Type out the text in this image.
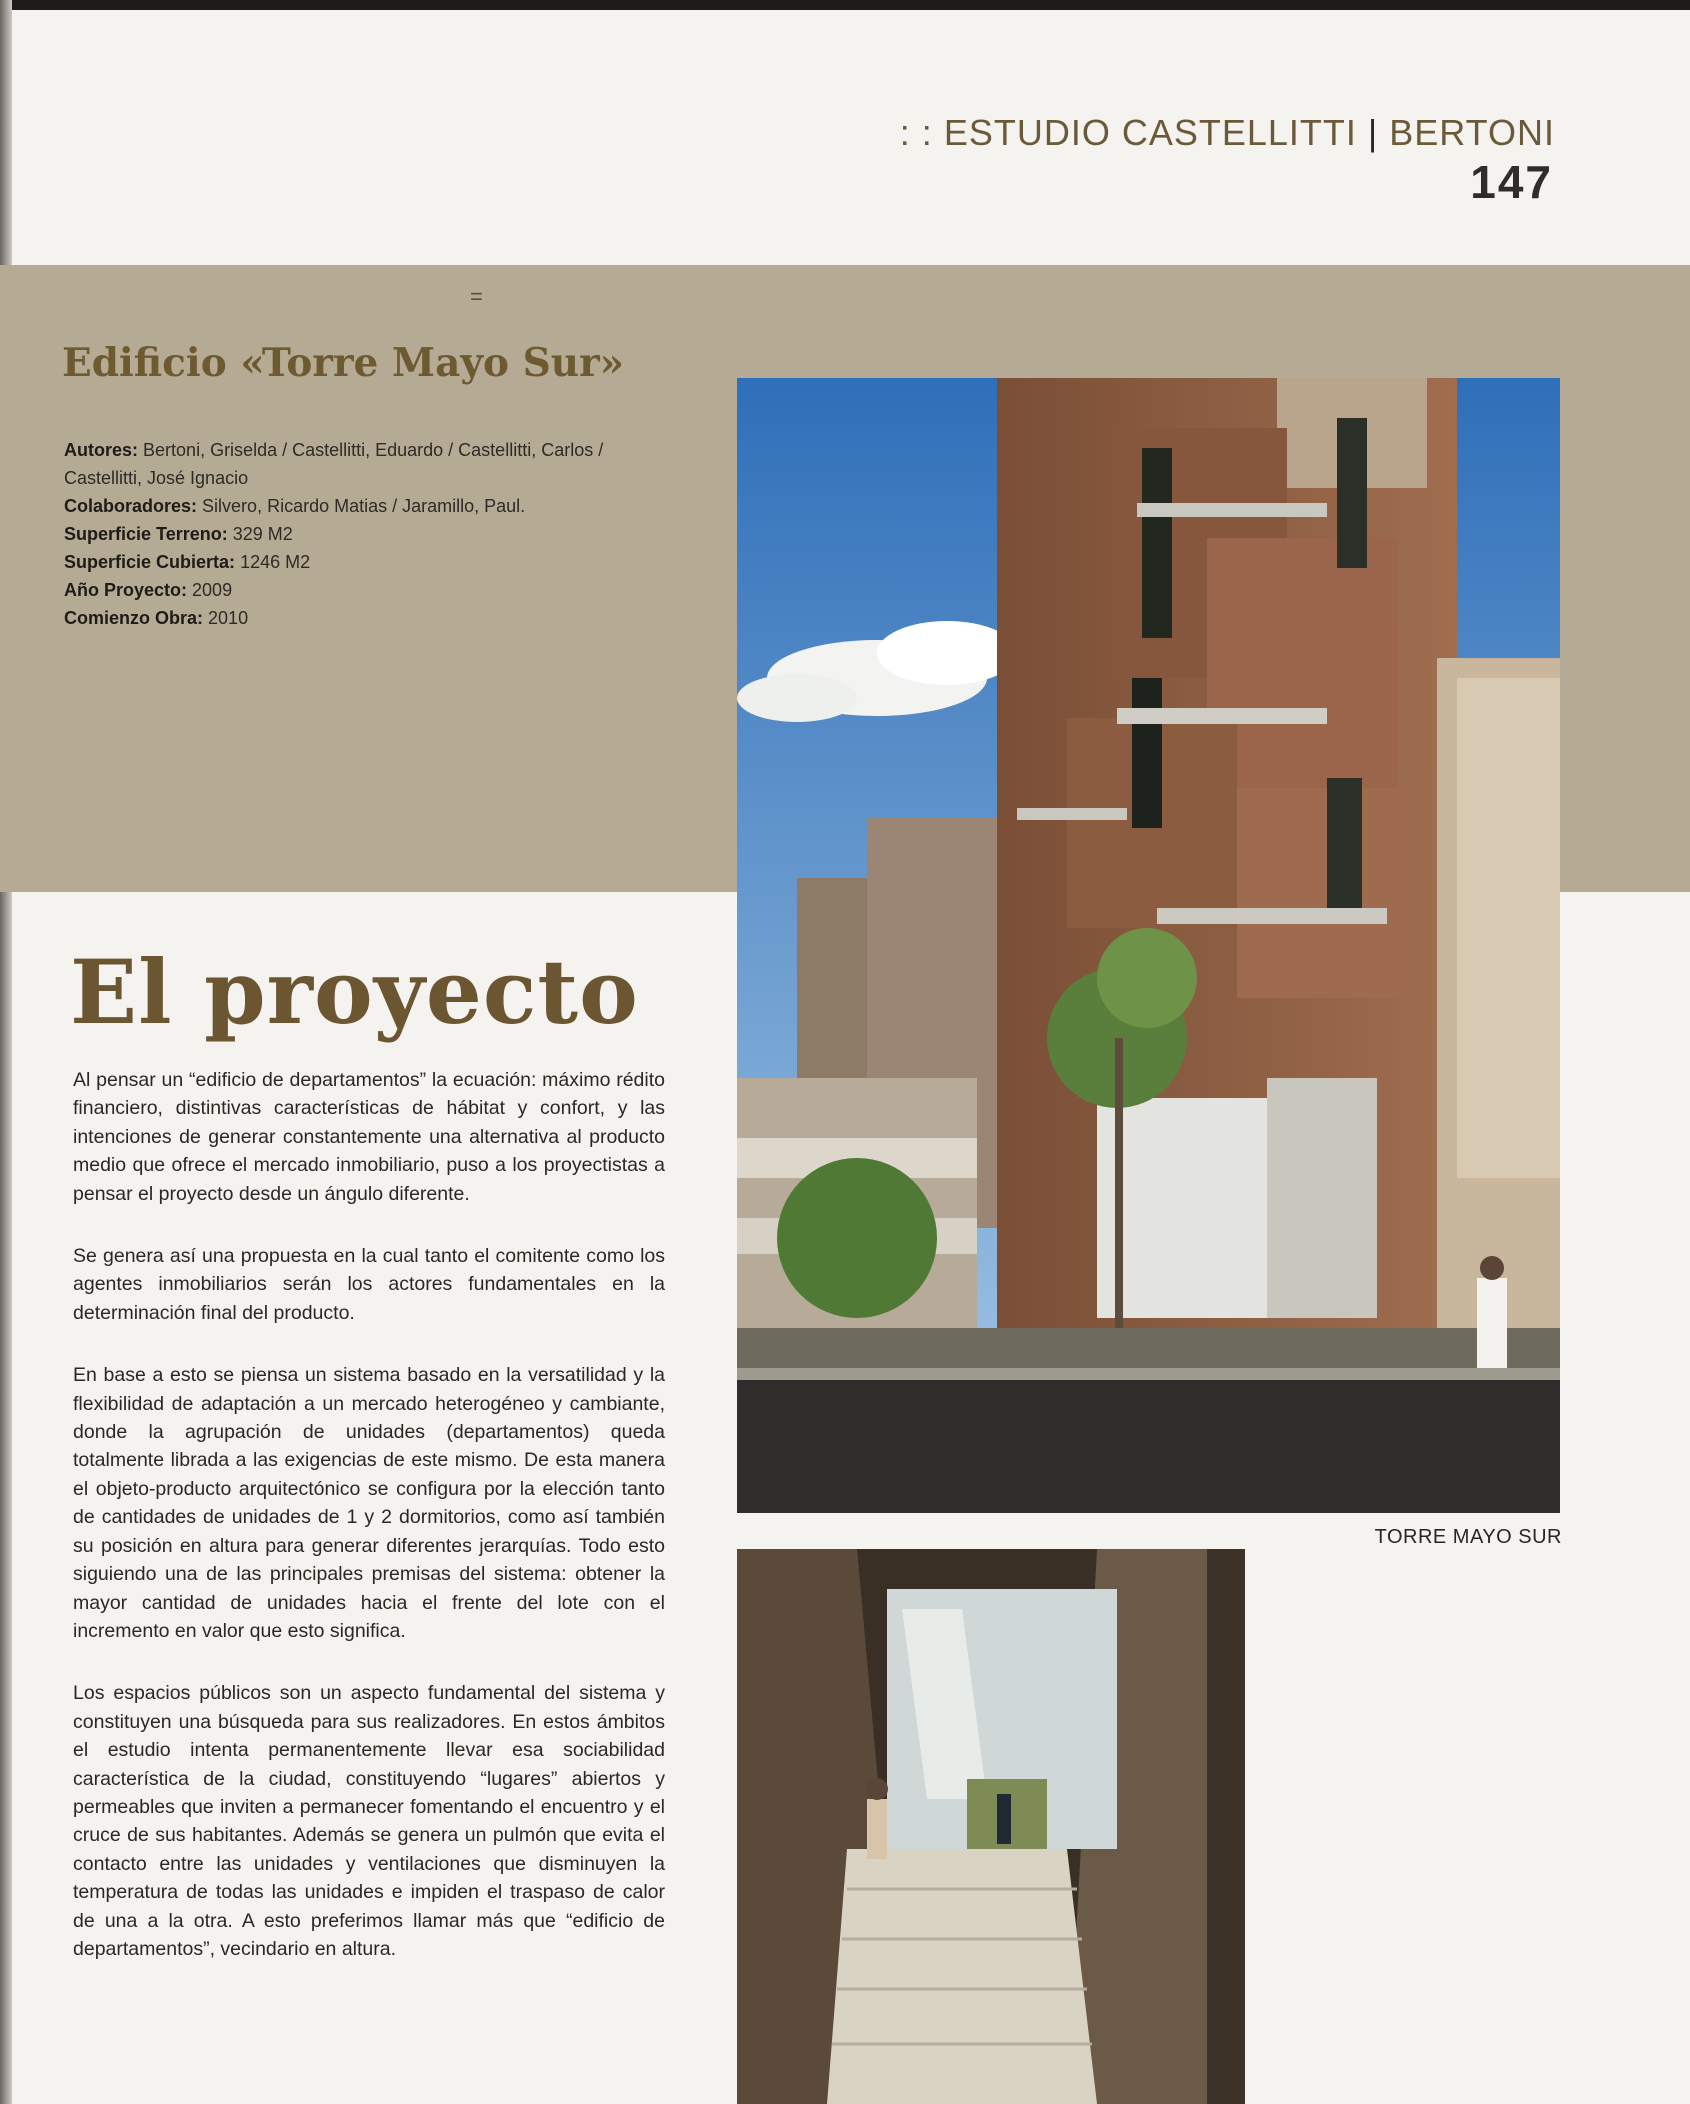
: : ESTUDIO CASTELLITTI | BERTONI
147
=
Edificio «Torre Mayo Sur»
Autores: Bertoni, Griselda / Castellitti, Eduardo / Castellitti, Carlos / Castellitti, José Ignacio
Colaboradores: Silvero, Ricardo Matias / Jaramillo, Paul.
Superficie Terreno: 329 M2
Superficie Cubierta: 1246 M2
Año Proyecto: 2009
Comienzo Obra: 2010
TORRE MAYO SUR
El proyecto

Al pensar un “edificio de departamentos” la ecuación: máximo rédito financiero, distintivas características de hábitat y confort, y las intenciones de generar constantemente una alternativa al producto medio que ofrece el mercado inmobiliario, puso a los proyectistas a pensar el proyecto desde un ángulo diferente.

Se genera así una propuesta en la cual tanto el comitente como los agentes inmobiliarios serán los actores fundamentales en la determinación final del producto.

En base a esto se piensa un sistema basado en la versatilidad y la flexibilidad de adaptación a un mercado heterogéneo y cambiante, donde la agrupación de unidades (departamentos) queda totalmente librada a las exigencias de este mismo. De esta manera el objeto-producto arquitectónico se configura por la elección tanto de cantidades de unidades de 1 y 2 dormitorios, como así también su posición en altura para generar diferentes jerarquías. Todo esto siguiendo una de las principales premisas del sistema: obtener la mayor cantidad de unidades hacia el frente del lote con el incremento en valor que esto significa.

Los espacios públicos son un aspecto fundamental del sistema y constituyen una búsqueda para sus realizadores. En estos ámbitos el estudio intenta permanentemente llevar esa sociabilidad característica de la ciudad, constituyendo “lugares” abiertos y permeables que inviten a permanecer fomentando el encuentro y el cruce de sus habitantes. Además se genera un pulmón que evita el contacto entre las unidades y ventilaciones que disminuyen la temperatura de todas las unidades e impiden el traspaso de calor de una a la otra. A esto preferimos llamar más que “edificio de departamentos”, vecindario en altura.
